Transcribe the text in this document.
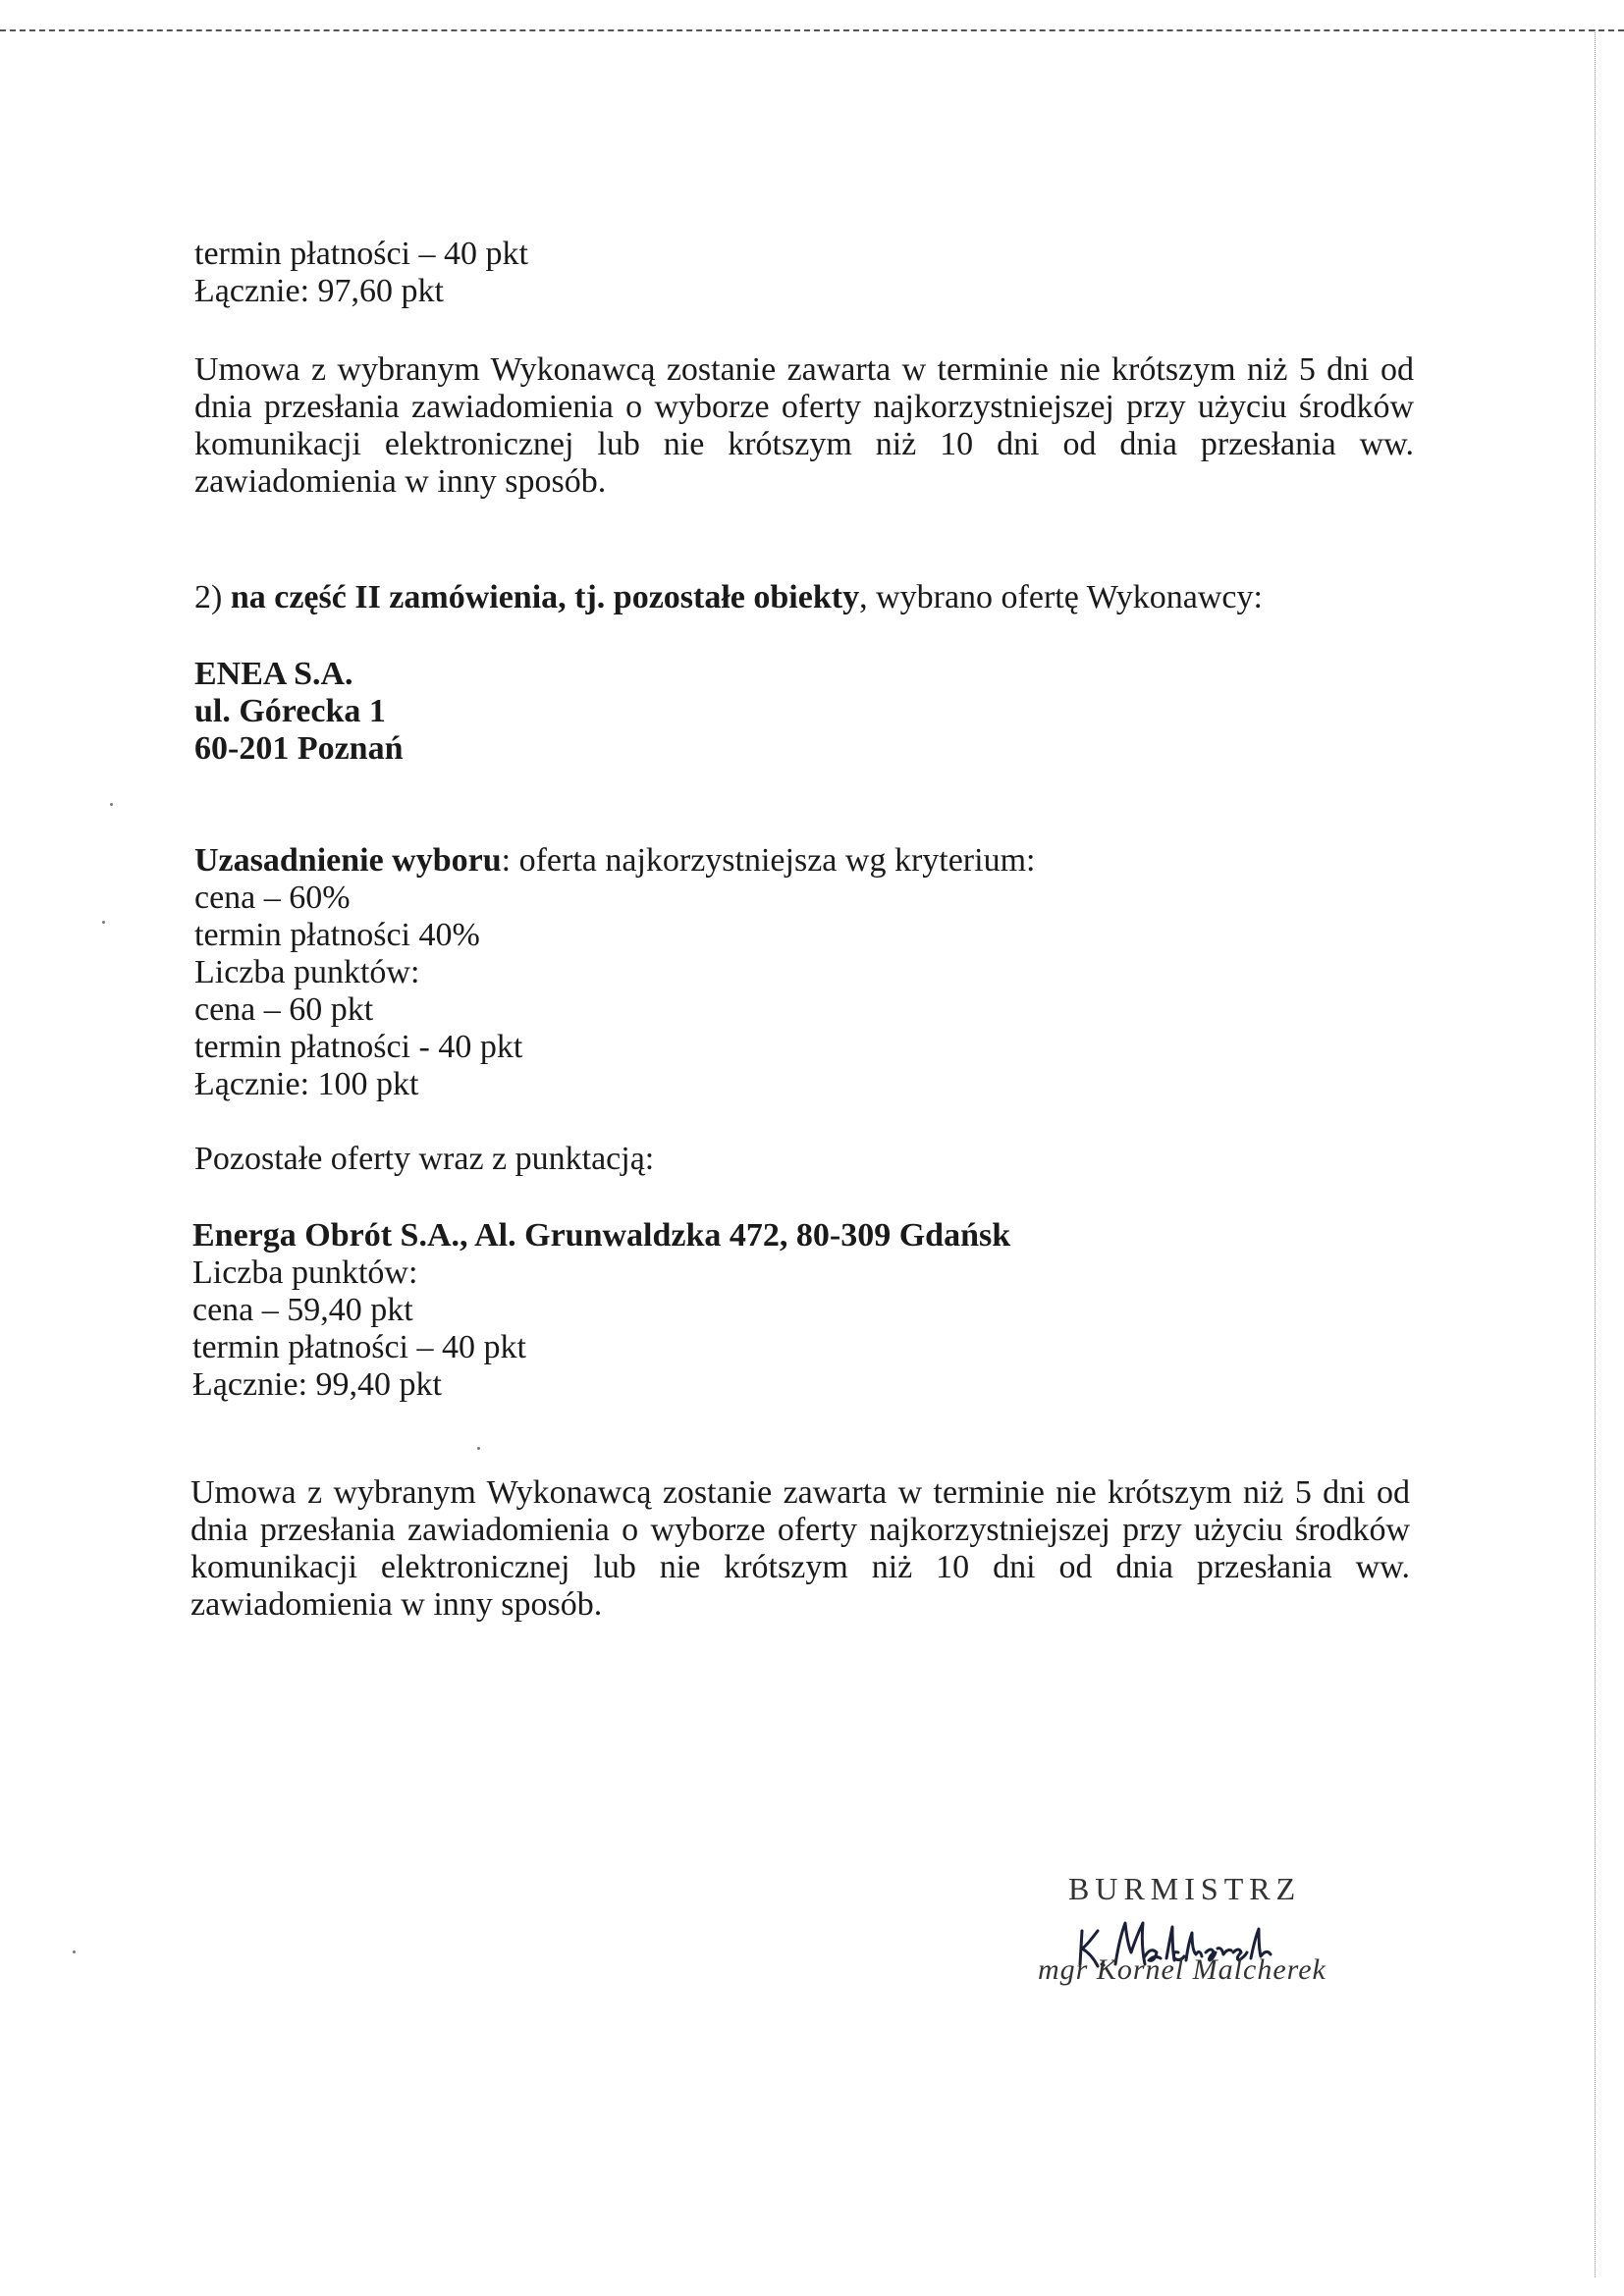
termin płatności – 40 pkt
Łącznie: 97,60 pkt
Umowa z wybranym Wykonawcą zostanie zawarta w terminie nie krótszym niż 5 dni od dnia przesłania zawiadomienia o wyborze oferty najkorzystniejszej przy użyciu środków komunikacji elektronicznej lub nie krótszym niż 10 dni od dnia przesłania ww. zawiadomienia w inny sposób.
2) na część II zamówienia, tj. pozostałe obiekty, wybrano ofertę Wykonawcy:
ENEA S.A.
ul. Górecka 1
60-201 Poznań
Uzasadnienie wyboru: oferta najkorzystniejsza wg kryterium:
cena – 60%
termin płatności 40%
Liczba punktów:
cena – 60 pkt
termin płatności - 40 pkt
Łącznie: 100 pkt
Pozostałe oferty wraz z punktacją:
Energa Obrót S.A., Al. Grunwaldzka 472, 80-309 Gdańsk
Liczba punktów:
cena – 59,40 pkt
termin płatności – 40 pkt
Łącznie: 99,40 pkt
Umowa z wybranym Wykonawcą zostanie zawarta w terminie nie krótszym niż 5 dni od dnia przesłania zawiadomienia o wyborze oferty najkorzystniejszej przy użyciu środków komunikacji elektronicznej lub nie krótszym niż 10 dni od dnia przesłania ww. zawiadomienia w inny sposób.
BURMISTRZ
mgr Kornel Malcherek
